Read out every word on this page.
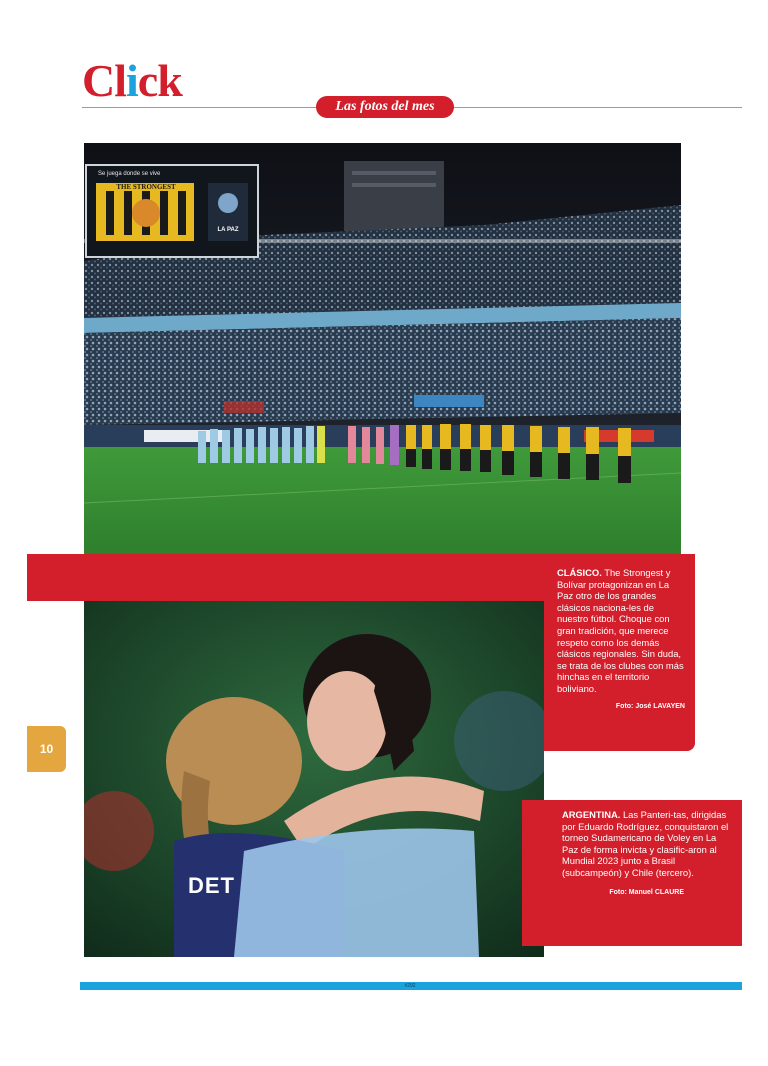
Click
Las fotos del mes
Se juega donde se vive
THE STRONGEST
LA PAZ
DET

CLÁSICO. The Strongest y Bolívar protagonizan en La Paz otro de los grandes clásicos naciona-les de nuestro fútbol. Choque con gran tradición, que merece respeto como los demás clásicos regionales. Sin duda, se trata de los clubes con más hinchas en el territorio boliviano.

Foto: José LAVAYEN

ARGENTINA. Las Panteri-tas, dirigidas por Eduardo Rodríguez, conquistaron el torneo Sudamericano de Voley en La Paz de forma invicta y clasific-aron al Mundial 2023 junto a Brasil (subcampeón) y Chile (tercero).

Foto: Manuel CLAURE
10
#292
